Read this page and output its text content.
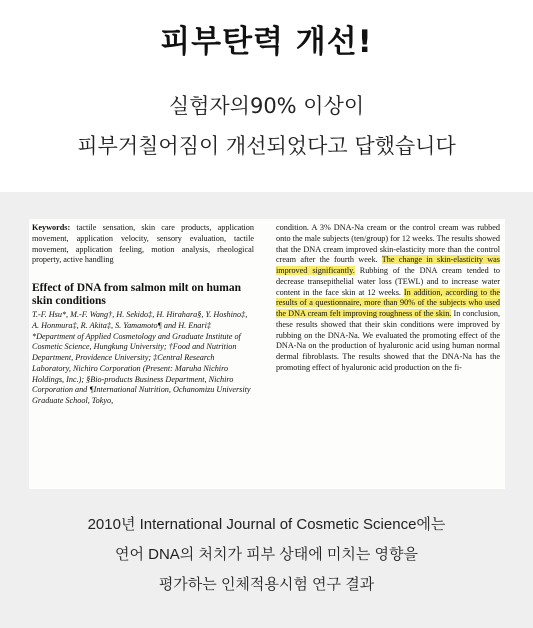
피부탄력 개선!
실험자의90% 이상이
피부거칠어짐이 개선되었다고 답했습니다
Keywords: tactile sensation, skin care products, application movement, application velocity, sensory evaluation, tactile movement, application feeling, motion analysis, rheological property, active handling
Effect of DNA from salmon milt on human skin conditions
T.-F. Hsu*, M.-F. Wang†, H. Sekido‡, H. Hirahara§, Y. Hoshino‡, A. Honmura‡, R. Akita‡, S. Yamamoto¶ and H. Enari‡
*Department of Applied Cosmetology and Graduate Institute of Cosmetic Science, Hungkung University; †Food and Nutrition Department, Providence University; ‡Central Research Laboratory, Nichiro Corporation (Present: Maruha Nichiro Holdings, Inc.); §Bio-products Business Department, Nichiro Corporation and ¶International Nutrition, Ochanomizu University Graduate School, Tokyo,
condition. A 3% DNA-Na cream or the control cream was rubbed onto the male subjects (ten/group) for 12 weeks. The results showed that the DNA cream improved skin-elasticity more than the control cream after the fourth week. The change in skin-elasticity was improved significantly. Rubbing of the DNA cream tended to decrease transepithelial water loss (TEWL) and to increase water content in the face skin at 12 weeks. In addition, according to the results of a questionnaire, more than 90% of the subjects who used the DNA cream felt improving roughness of the skin. In conclusion, these results showed that their skin conditions were improved by rubbing on the DNA-Na. We evaluated the promoting effect of the DNA-Na on the production of hyaluronic acid using human normal dermal fibroblasts. The results showed that the DNA-Na has the promoting effect of hyaluronic acid production on the fi-
2010년 International Journal of Cosmetic Science에는
연어 DNA의 처치가 피부 상태에 미치는 영향을
평가하는 인체적용시험 연구 결과
